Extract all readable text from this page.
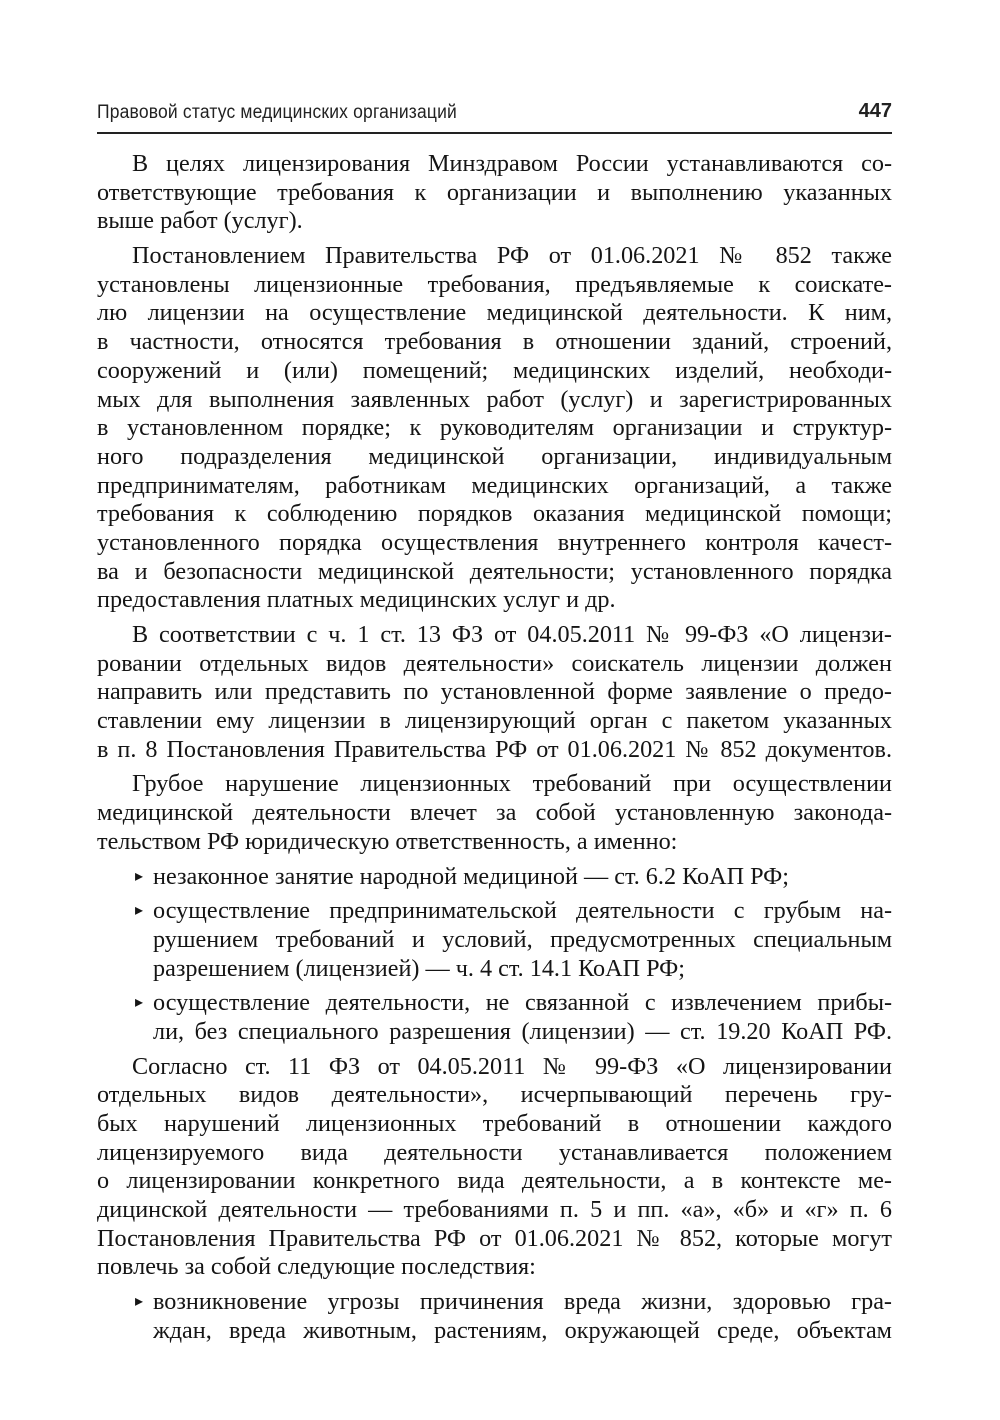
Правовой статус медицинских организаций	447
В целях лицензирования Минздравом России устанавливаются со-
ответствующие требования к организации и выполнению указанных
выше работ (услуг).
Постановлением Правительства РФ от 01.06.2021 № 852 также
установлены лицензионные требования, предъявляемые к соискате-
лю лицензии на осуществление медицинской деятельности. К ним,
в частности, относятся требования в отношении зданий, строений,
сооружений и (или) помещений; медицинских изделий, необходи-
мых для выполнения заявленных работ (услуг) и зарегистрированных
в установленном порядке; к руководителям организации и структур-
ного подразделения медицинской организации, индивидуальным
предпринимателям, работникам медицинских организаций, а также
требования к соблюдению порядков оказания медицинской помощи;
установленного порядка осуществления внутреннего контроля качест-
ва и безопасности медицинской деятельности; установленного порядка
предоставления платных медицинских услуг и др.
В соответствии с ч. 1 ст. 13 ФЗ от 04.05.2011 № 99-ФЗ «О лицензи-
ровании отдельных видов деятельности» соискатель лицензии должен
направить или представить по установленной форме заявление о предо-
ставлении ему лицензии в лицензирующий орган с пакетом указанных
в п. 8 Постановления Правительства РФ от 01.06.2021 № 852 документов.
Грубое нарушение лицензионных требований при осуществлении
медицинской деятельности влечет за собой установленную законода-
тельством РФ юридическую ответственность, а именно:
▸ незаконное занятие народной медициной — ст. 6.2 КоАП РФ;
▸ осуществление предпринимательской деятельности с грубым на-
рушением требований и условий, предусмотренных специальным
разрешением (лицензией) — ч. 4 ст. 14.1 КоАП РФ;
▸ осуществление деятельности, не связанной с извлечением прибы-
ли, без специального разрешения (лицензии) — ст. 19.20 КоАП РФ.
Согласно ст. 11 ФЗ от 04.05.2011 № 99-ФЗ «О лицензировании
отдельных видов деятельности», исчерпывающий перечень гру-
бых нарушений лицензионных требований в отношении каждого
лицензируемого вида деятельности устанавливается положением
о лицензировании конкретного вида деятельности, а в контексте ме-
дицинской деятельности — требованиями п. 5 и пп. «а», «б» и «г» п. 6
Постановления Правительства РФ от 01.06.2021 № 852, которые могут
повлечь за собой следующие последствия:
▸ возникновение угрозы причинения вреда жизни, здоровью гра-
ждан, вреда животным, растениям, окружающей среде, объектам
